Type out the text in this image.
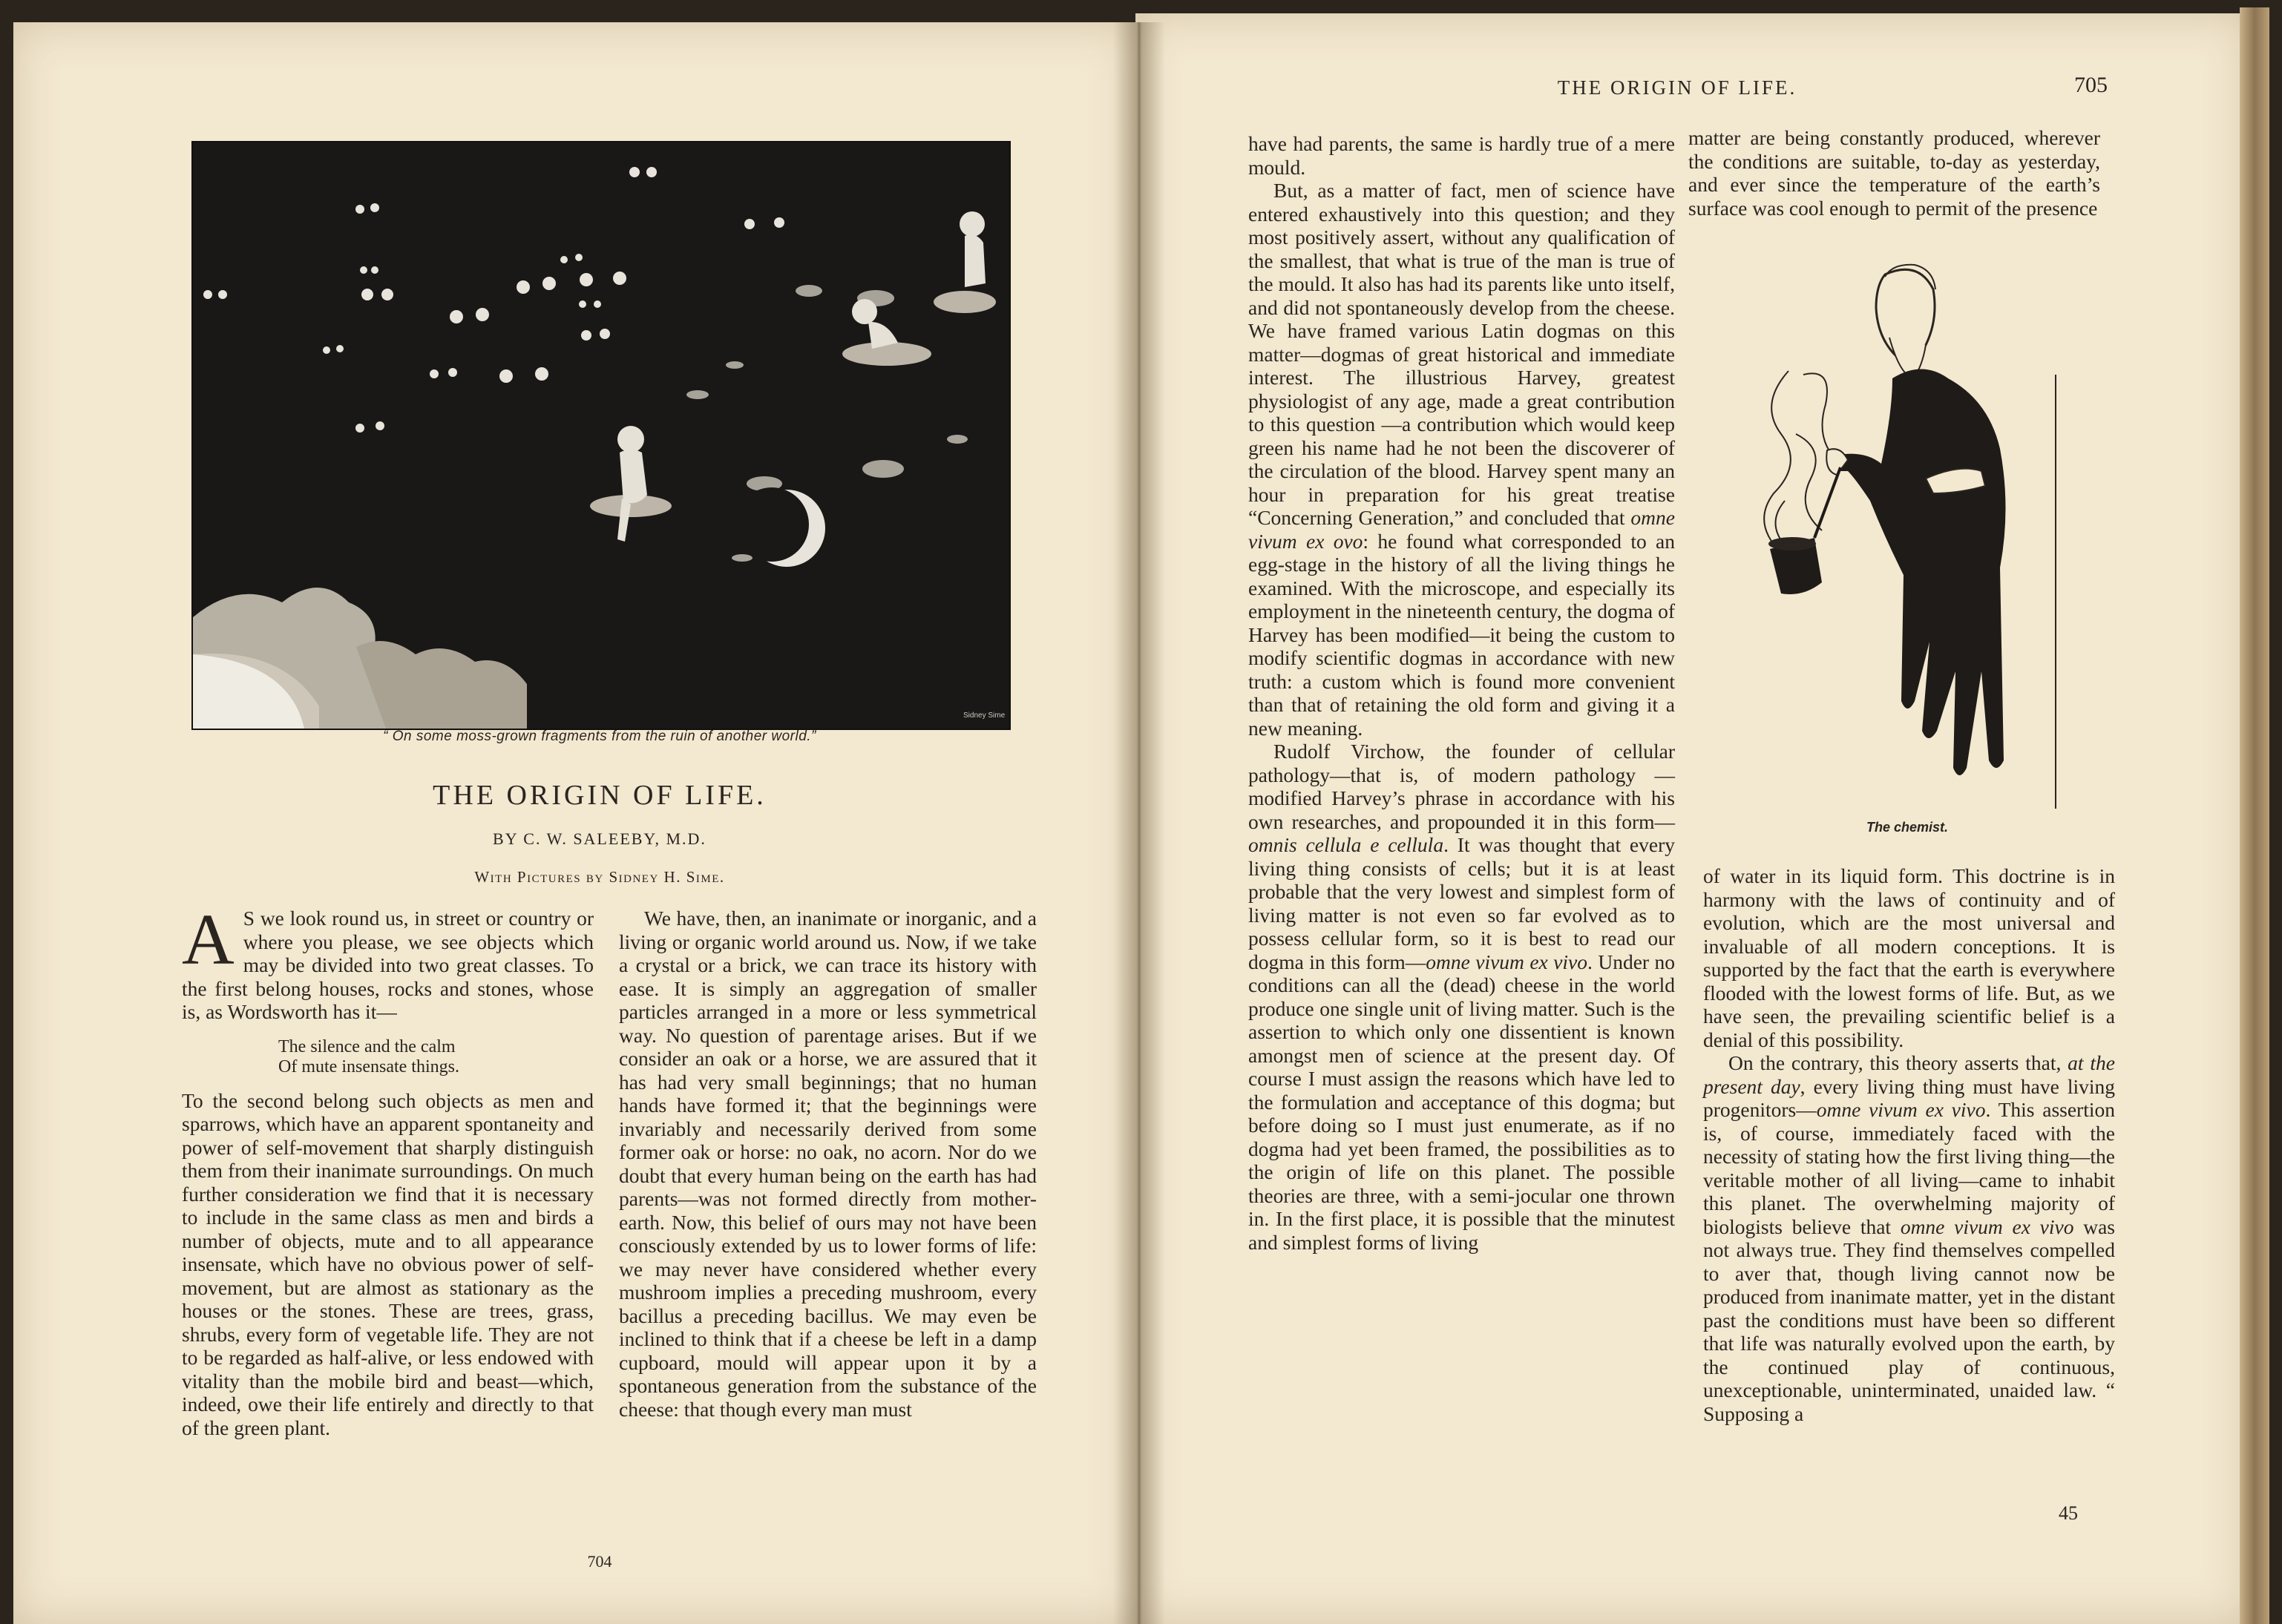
Sidney Sime
“ On some moss-grown fragments from the ruin of another world.”
THE ORIGIN OF LIFE.
BY C. W. SALEEBY, M.D.
With Pictures by Sidney H. Sime.

A S we look round us, in street or country or where you please, we see objects which may be divided into two great classes. To the first belong houses, rocks and stones, whose is, as Wordsworth has it—

The silence and the calm
Of mute insensate things.

To the second belong such objects as men and sparrows, which have an apparent spontaneity and power of self-movement that sharply distinguish them from their inanimate surroundings. On much further consideration we find that it is necessary to include in the same class as men and birds a number of objects, mute and to all appearance insensate, which have no obvious power of self-movement, but are almost as stationary as the houses or the stones. These are trees, grass, shrubs, every form of vegetable life. They are not to be regarded as half-alive, or less endowed with vitality than the mobile bird and beast—which, indeed, owe their life entirely and directly to that of the green plant.

We have, then, an inanimate or inorganic, and a living or organic world around us. Now, if we take a crystal or a brick, we can trace its history with ease. It is simply an aggregation of smaller particles arranged in a more or less symmetrical way. No question of parentage arises. But if we consider an oak or a horse, we are assured that it has had very small beginnings; that no human hands have formed it; that the beginnings were invariably and necessarily derived from some former oak or horse: no oak, no acorn. Nor do we doubt that every human being on the earth has had parents—was not formed directly from mother-earth. Now, this belief of ours may not have been consciously extended by us to lower forms of life: we may never have considered whether every mushroom implies a preceding mushroom, every bacillus a preceding bacillus. We may even be inclined to think that if a cheese be left in a damp cupboard, mould will appear upon it by a spontaneous generation from the substance of the cheese: that though every man must

704
THE ORIGIN OF LIFE.	705

have had parents, the same is hardly true of a mere mould.

But, as a matter of fact, men of science have entered exhaustively into this question; and they most positively assert, without any qualification of the smallest, that what is true of the man is true of the mould. It also has had its parents like unto itself, and did not spontaneously develop from the cheese. We have framed various Latin dogmas on this matter—dogmas of great historical and immediate interest. The illustrious Harvey, greatest physiologist of any age, made a great contribution to this question —a contribution which would keep green his name had he not been the discoverer of the circulation of the blood. Harvey spent many an hour in preparation for his great treatise “Concerning Generation,” and concluded that omne vivum ex ovo: he found what corresponded to an egg-stage in the history of all the living things he examined. With the microscope, and especially its employment in the nineteenth century, the dogma of Harvey has been modified—it being the custom to modify scientific dogmas in accordance with new truth: a custom which is found more convenient than that of retaining the old form and giving it a new meaning.

Rudolf Virchow, the founder of cellular pathology—that is, of modern pathology —modified Harvey’s phrase in accordance with his own researches, and propounded it in this form—omnis cellula e cellula. It was thought that every living thing consists of cells; but it is at least probable that the very lowest and simplest form of living matter is not even so far evolved as to possess cellular form, so it is best to read our dogma in this form—omne vivum ex vivo. Under no conditions can all the (dead) cheese in the world produce one single unit of living matter. Such is the assertion to which only one dissentient is known amongst men of science at the present day. Of course I must assign the reasons which have led to the formulation and acceptance of this dogma; but before doing so I must just enumerate, as if no dogma had yet been framed, the possibilities as to the origin of life on this planet. The possible theories are three, with a semi-jocular one thrown in. In the first place, it is possible that the minutest and simplest forms of living

matter are being constantly produced, wherever the conditions are suitable, to-day as yesterday, and ever since the temperature of the earth’s surface was cool enough to permit of the presence

The chemist.

of water in its liquid form. This doctrine is in harmony with the laws of continuity and of evolution, which are the most universal and invaluable of all modern conceptions. It is supported by the fact that the earth is everywhere flooded with the lowest forms of life. But, as we have seen, the prevailing scientific belief is a denial of this possibility.

On the contrary, this theory asserts that, at the present day, every living thing must have living progenitors—omne vivum ex vivo. This assertion is, of course, immediately faced with the necessity of stating how the first living thing—the veritable mother of all living—came to inhabit this planet. The overwhelming majority of biologists believe that omne vivum ex vivo was not always true. They find themselves compelled to aver that, though living cannot now be produced from inanimate matter, yet in the distant past the conditions must have been so different that life was naturally evolved upon the earth, by the continued play of continuous, unexceptionable, uninterminated, unaided law. “ Supposing a

45
